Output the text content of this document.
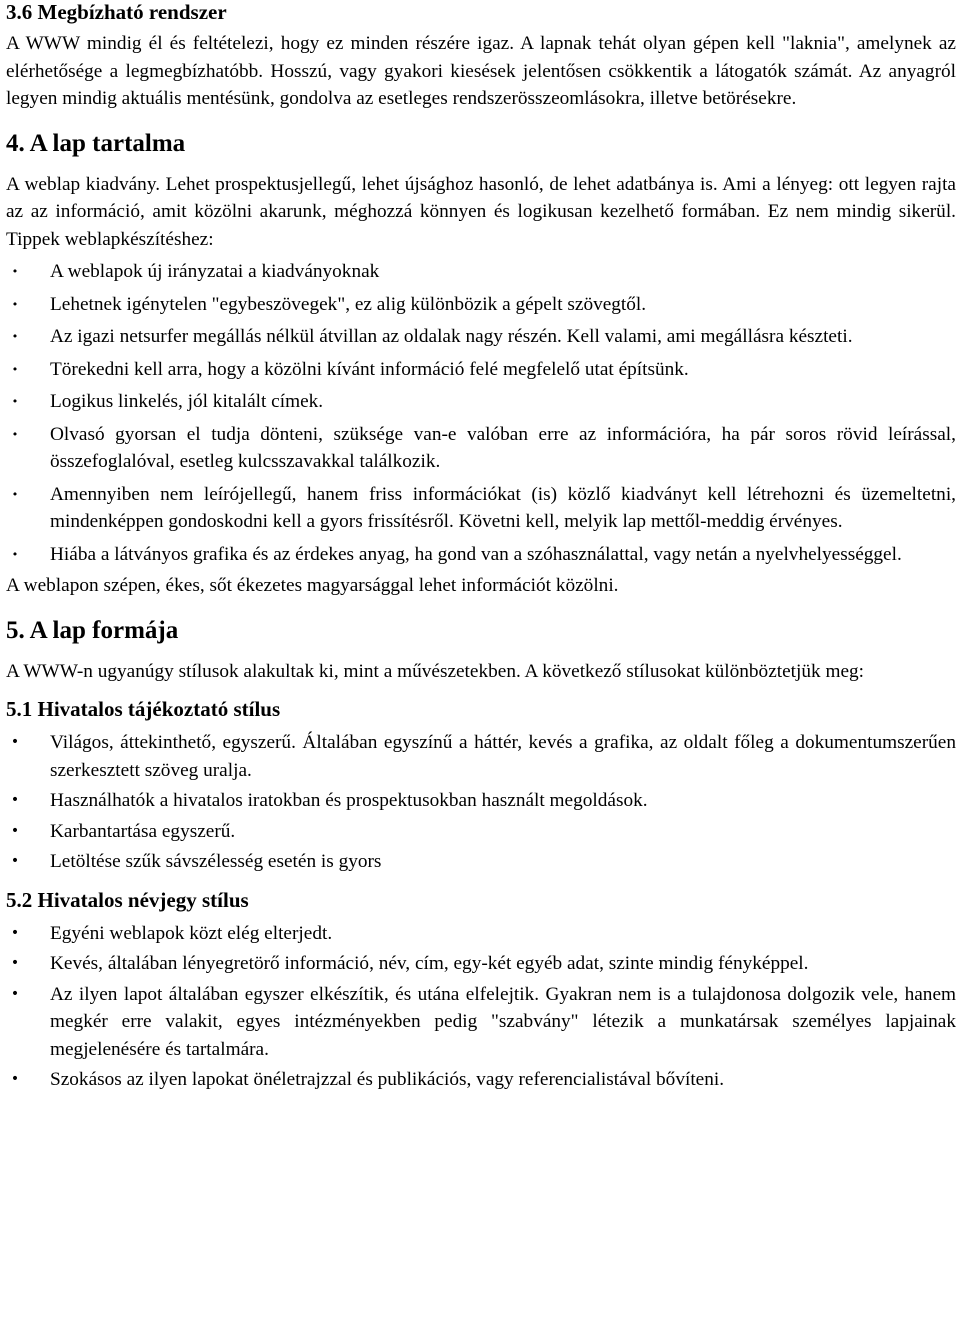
3.6 Megbízható rendszer

A WWW mindig él és feltételezi, hogy ez minden részére igaz. A lapnak tehát olyan gépen kell "laknia", amelynek az elérhetősége a legmegbízhatóbb. Hosszú, vagy gyakori kiesések jelentősen csökkentik a látogatók számát. Az anyagról legyen mindig aktuális mentésünk, gondolva az esetleges rendszerösszeomlásokra, illetve betörésekre.

4. A lap tartalma

A weblap kiadvány. Lehet prospektusjellegű, lehet újsághoz hasonló, de lehet adatbánya is. Ami a lényeg: ott legyen rajta az az információ, amit közölni akarunk, méghozzá könnyen és logikusan kezelhető formában. Ez nem mindig sikerül. Tippek weblapkészítéshez:

• A weblapok új irányzatai a kiadványoknak
• Lehetnek igénytelen "egybeszövegek", ez alig különbözik a gépelt szövegtől.
• Az igazi netsurfer megállás nélkül átvillan az oldalak nagy részén. Kell valami, ami megállásra készteti.
• Törekedni kell arra, hogy a közölni kívánt információ felé megfelelő utat építsünk.
• Logikus linkelés, jól kitalált címek.
• Olvasó gyorsan el tudja dönteni, szüksége van-e valóban erre az információra, ha pár soros rövid leírással, összefoglalóval, esetleg kulcsszavakkal találkozik.
• Amennyiben nem leírójellegű, hanem friss információkat (is) közlő kiadványt kell létrehozni és üzemeltetni, mindenképpen gondoskodni kell a gyors frissítésről. Követni kell, melyik lap mettől-meddig érvényes.
• Hiába a látványos grafika és az érdekes anyag, ha gond van a szóhasználattal, vagy netán a nyelvhelyességgel.

A weblapon szépen, ékes, sőt ékezetes magyarsággal lehet információt közölni.

5. A lap formája

A WWW-n ugyanúgy stílusok alakultak ki, mint a művészetekben. A következő stílusokat különböztetjük meg:

5.1 Hivatalos tájékoztató stílus
• Világos, áttekinthető, egyszerű. Általában egyszínű a háttér, kevés a grafika, az oldalt főleg a dokumentumszerűen szerkesztett szöveg uralja.
• Használhatók a hivatalos iratokban és prospektusokban használt megoldások.
• Karbantartása egyszerű.
• Letöltése szűk sávszélesség esetén is gyors
5.2 Hivatalos névjegy stílus
• Egyéni weblapok közt elég elterjedt.
• Kevés, általában lényegretörő információ, név, cím, egy-két egyéb adat, szinte mindig fényképpel.
• Az ilyen lapot általában egyszer elkészítik, és utána elfelejtik. Gyakran nem is a tulajdonosa dolgozik vele, hanem megkér erre valakit, egyes intézményekben pedig "szabvány" létezik a munkatársak személyes lapjainak megjelenésére és tartalmára.
• Szokásos az ilyen lapokat önéletrajzzal és publikációs, vagy referencialistával bővíteni.
